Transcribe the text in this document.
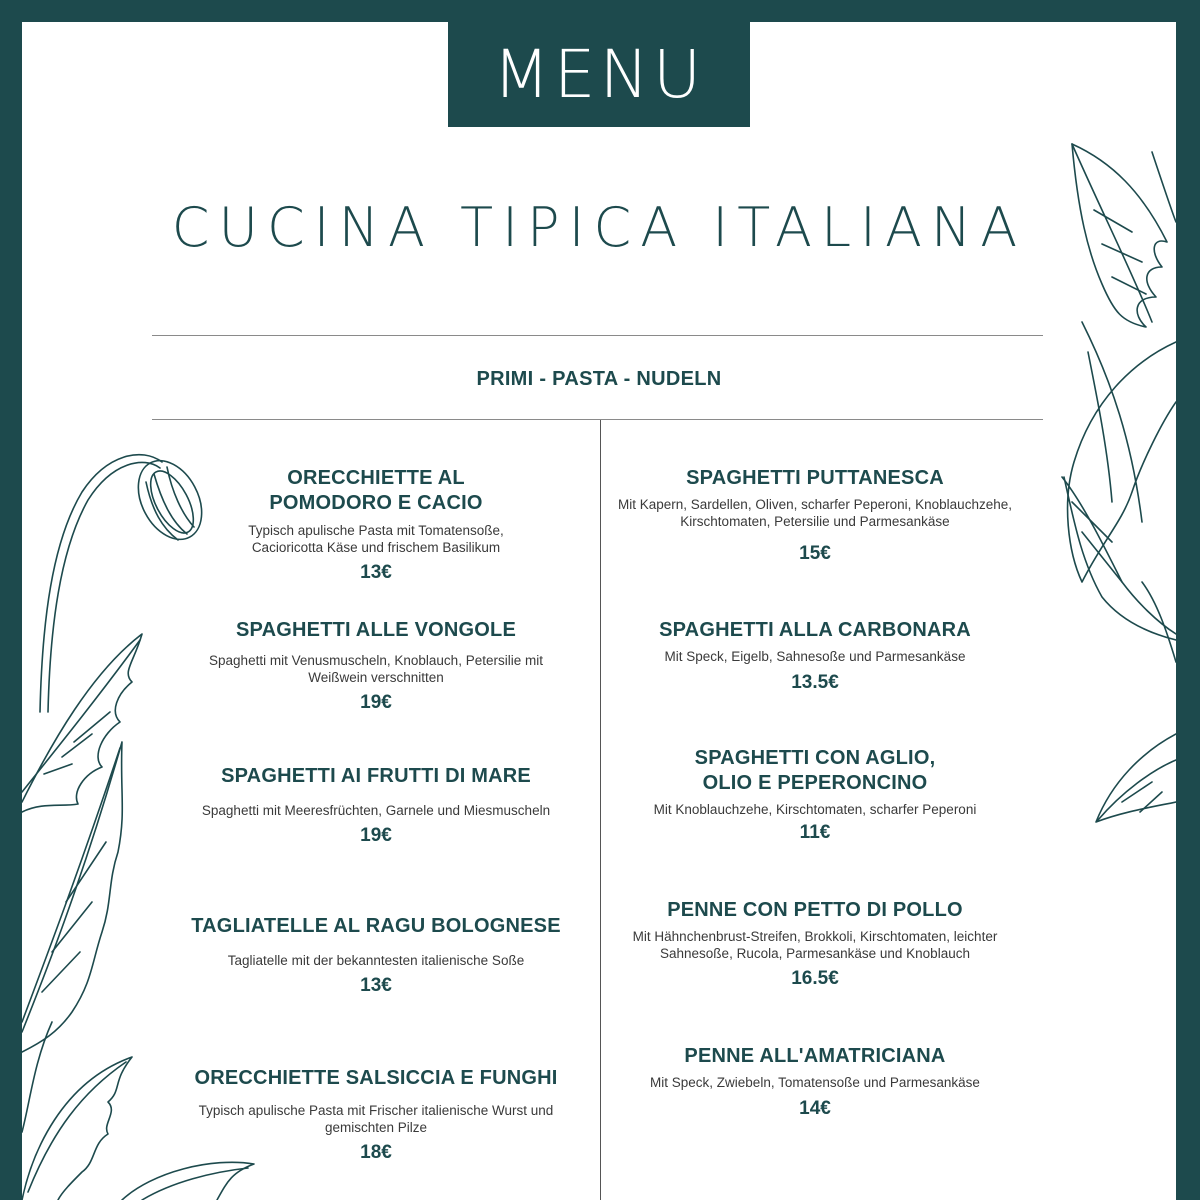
MENU
CUCINA TIPICA ITALIANA
PRIMI - PASTA - NUDELN
ORECCHIETTE AL POMODORO E CACIO
Typisch apulische Pasta mit Tomatensoße, Cacioricotta Käse und frischem Basilikum
13€
SPAGHETTI ALLE VONGOLE
Spaghetti mit Venusmuscheln, Knoblauch, Petersilie mit Weißwein verschnitten
19€
SPAGHETTI AI FRUTTI DI MARE
Spaghetti mit Meeresfrüchten, Garnele und Miesmuscheln
19€
TAGLIATELLE AL RAGU BOLOGNESE
Tagliatelle mit der bekanntesten italienische Soße
13€
ORECCHIETTE SALSICCIA E FUNGHI
Typisch apulische Pasta mit Frischer italienische Wurst und gemischten Pilze
18€
SPAGHETTI PUTTANESCA
Mit Kapern, Sardellen, Oliven, scharfer Peperoni, Knoblauchzehe, Kirschtomaten, Petersilie und Parmesankäse
15€
SPAGHETTI ALLA CARBONARA
Mit Speck, Eigelb, Sahnesoße und Parmesankäse
13.5€
SPAGHETTI CON AGLIO, OLIO E PEPERONCINO
Mit Knoblauchzehe, Kirschtomaten, scharfer Peperoni
11€
PENNE CON PETTO DI POLLO
Mit Hähnchenbrust-Streifen, Brokkoli, Kirschtomaten, leichter Sahnesoße, Rucola, Parmesankäse und Knoblauch
16.5€
PENNE ALL'AMATRICIANA
Mit Speck, Zwiebeln, Tomatensoße und Parmesankäse
14€
